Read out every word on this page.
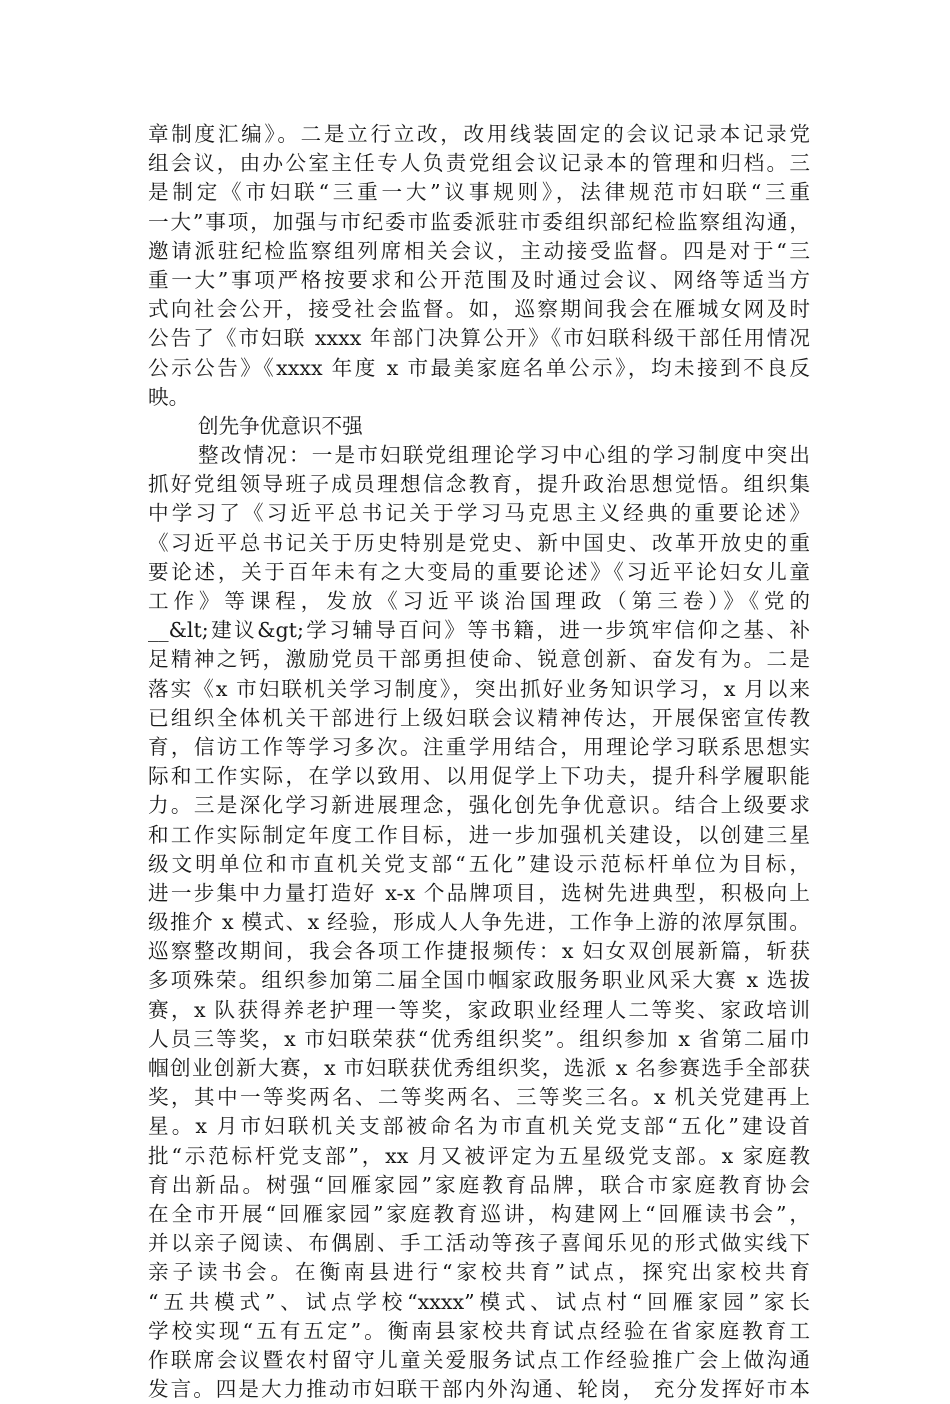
章制度汇编》。二是立行立改，改用线装固定的会议记录本记录党
组会议，由办公室主任专人负责党组会议记录本的管理和归档。三
是制定《市妇联“三重一大”议事规则》，法律规范市妇联“三重
一大”事项，加强与市纪委市监委派驻市委组织部纪检监察组沟通，
邀请派驻纪检监察组列席相关会议，主动接受监督。四是对于“三
重一大”事项严格按要求和公开范围及时通过会议、网络等适当方
式向社会公开，接受社会监督。如，巡察期间我会在雁城女网及时
公告了《市妇联 xxxx 年部门决算公开》《市妇联科级干部任用情况
公示公告》《xxxx 年度 x 市最美家庭名单公示》，均未接到不良反
映。
创先争优意识不强
整改情况：一是市妇联党组理论学习中心组的学习制度中突出
抓好党组领导班子成员理想信念教育，提升政治思想觉悟。组织集
中学习了《习近平总书记关于学习马克思主义经典的重要论述》
《习近平总书记关于历史特别是党史、新中国史、改革开放史的重
要论述，关于百年未有之大变局的重要论述》《习近平论妇女儿童
工作》等课程，发放《习近平谈治国理政（第三卷）》《党的
__&lt;建议&gt;学习辅导百问》等书籍，进一步筑牢信仰之基、补
足精神之钙，激励党员干部勇担使命、锐意创新、奋发有为。二是
落实《x 市妇联机关学习制度》，突出抓好业务知识学习，x 月以来
已组织全体机关干部进行上级妇联会议精神传达，开展保密宣传教
育，信访工作等学习多次。注重学用结合，用理论学习联系思想实
际和工作实际，在学以致用、以用促学上下功夫，提升科学履职能
力。三是深化学习新进展理念，强化创先争优意识。结合上级要求
和工作实际制定年度工作目标，进一步加强机关建设，以创建三星
级文明单位和市直机关党支部“五化”建设示范标杆单位为目标，
进一步集中力量打造好 x-x 个品牌项目，选树先进典型，积极向上
级推介 x 模式、x 经验，形成人人争先进，工作争上游的浓厚氛围。
巡察整改期间，我会各项工作捷报频传：x 妇女双创展新篇，斩获
多项殊荣。组织参加第二届全国巾帼家政服务职业风采大赛 x 选拔
赛，x 队获得养老护理一等奖，家政职业经理人二等奖、家政培训
人员三等奖，x 市妇联荣获“优秀组织奖”。组织参加 x 省第二届巾
帼创业创新大赛，x 市妇联获优秀组织奖，选派 x 名参赛选手全部获
奖，其中一等奖两名、二等奖两名、三等奖三名。x 机关党建再上
星。x 月市妇联机关支部被命名为市直机关党支部“五化”建设首
批“示范标杆党支部”，xx 月又被评定为五星级党支部。x 家庭教
育出新品。树强“回雁家园”家庭教育品牌，联合市家庭教育协会
在全市开展“回雁家园”家庭教育巡讲，构建网上“回雁读书会”，
并以亲子阅读、布偶剧、手工活动等孩子喜闻乐见的形式做实线下
亲子读书会。在衡南县进行“家校共育”试点，探究出家校共育
“五共模式”、试点学校“xxxx”模式、试点村“回雁家园”家长
学校实现“五有五定”。衡南县家校共育试点经验在省家庭教育工
作联席会议暨农村留守儿童关爱服务试点工作经验推广会上做沟通
发言。四是大力推动市妇联干部内外沟通、轮岗， 充分发挥好市本
